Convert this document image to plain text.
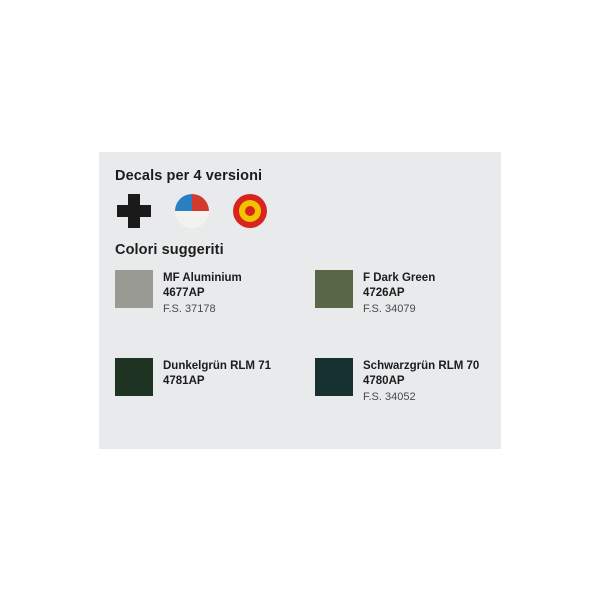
Decals per 4 versioni
Colori suggeriti
MF Aluminium
4677AP
F.S. 37178
F Dark Green
4726AP
F.S. 34079
Dunkelgrün RLM 71
4781AP
Schwarzgrün RLM 70
4780AP
F.S. 34052
